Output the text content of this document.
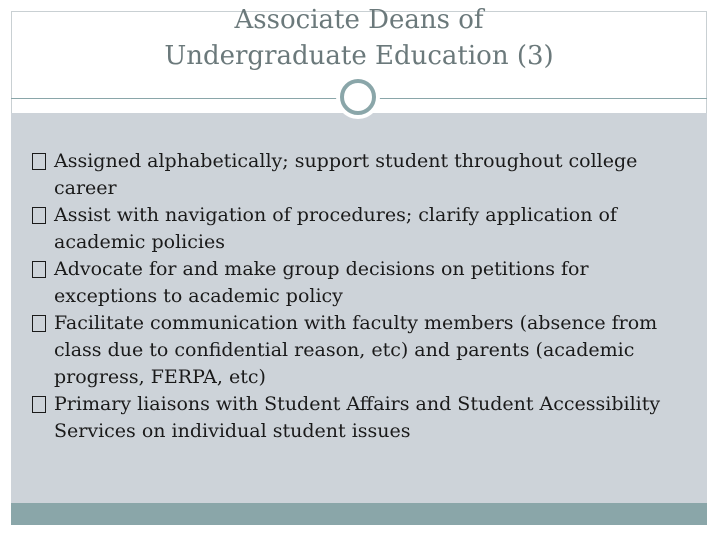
Associate Deans of
Undergraduate Education (3)
Assigned alphabetically; support student throughout college career
Assist with navigation of procedures; clarify application of academic policies
Advocate for and make group decisions on petitions for exceptions to academic policy
Facilitate communication with faculty members (absence from class due to confidential reason, etc) and parents (academic progress, FERPA, etc)
Primary liaisons with Student Affairs and Student Accessibility Services on individual student issues
